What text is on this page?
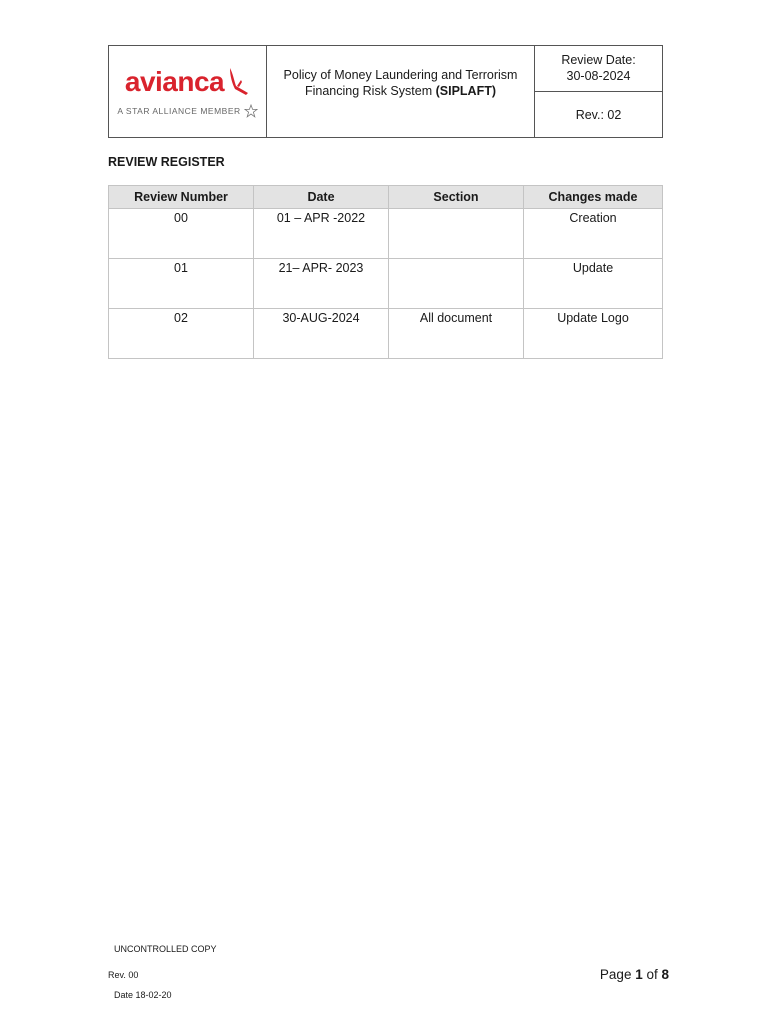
avianca
A STAR ALLIANCE MEMBER
Policy of Money Laundering and Terrorism Financing Risk System (SIPLAFT)
Review Date:
30-08-2024
Rev.: 02
REVIEW REGISTER
Review Number	Date	Section	Changes made
00	01 – APR -2022		Creation
01	21– APR- 2023		Update
02	30-AUG-2024	All document	Update Logo
UNCONTROLLED COPY
Rev. 00
Date 18-02-20
Page 1 of 8
